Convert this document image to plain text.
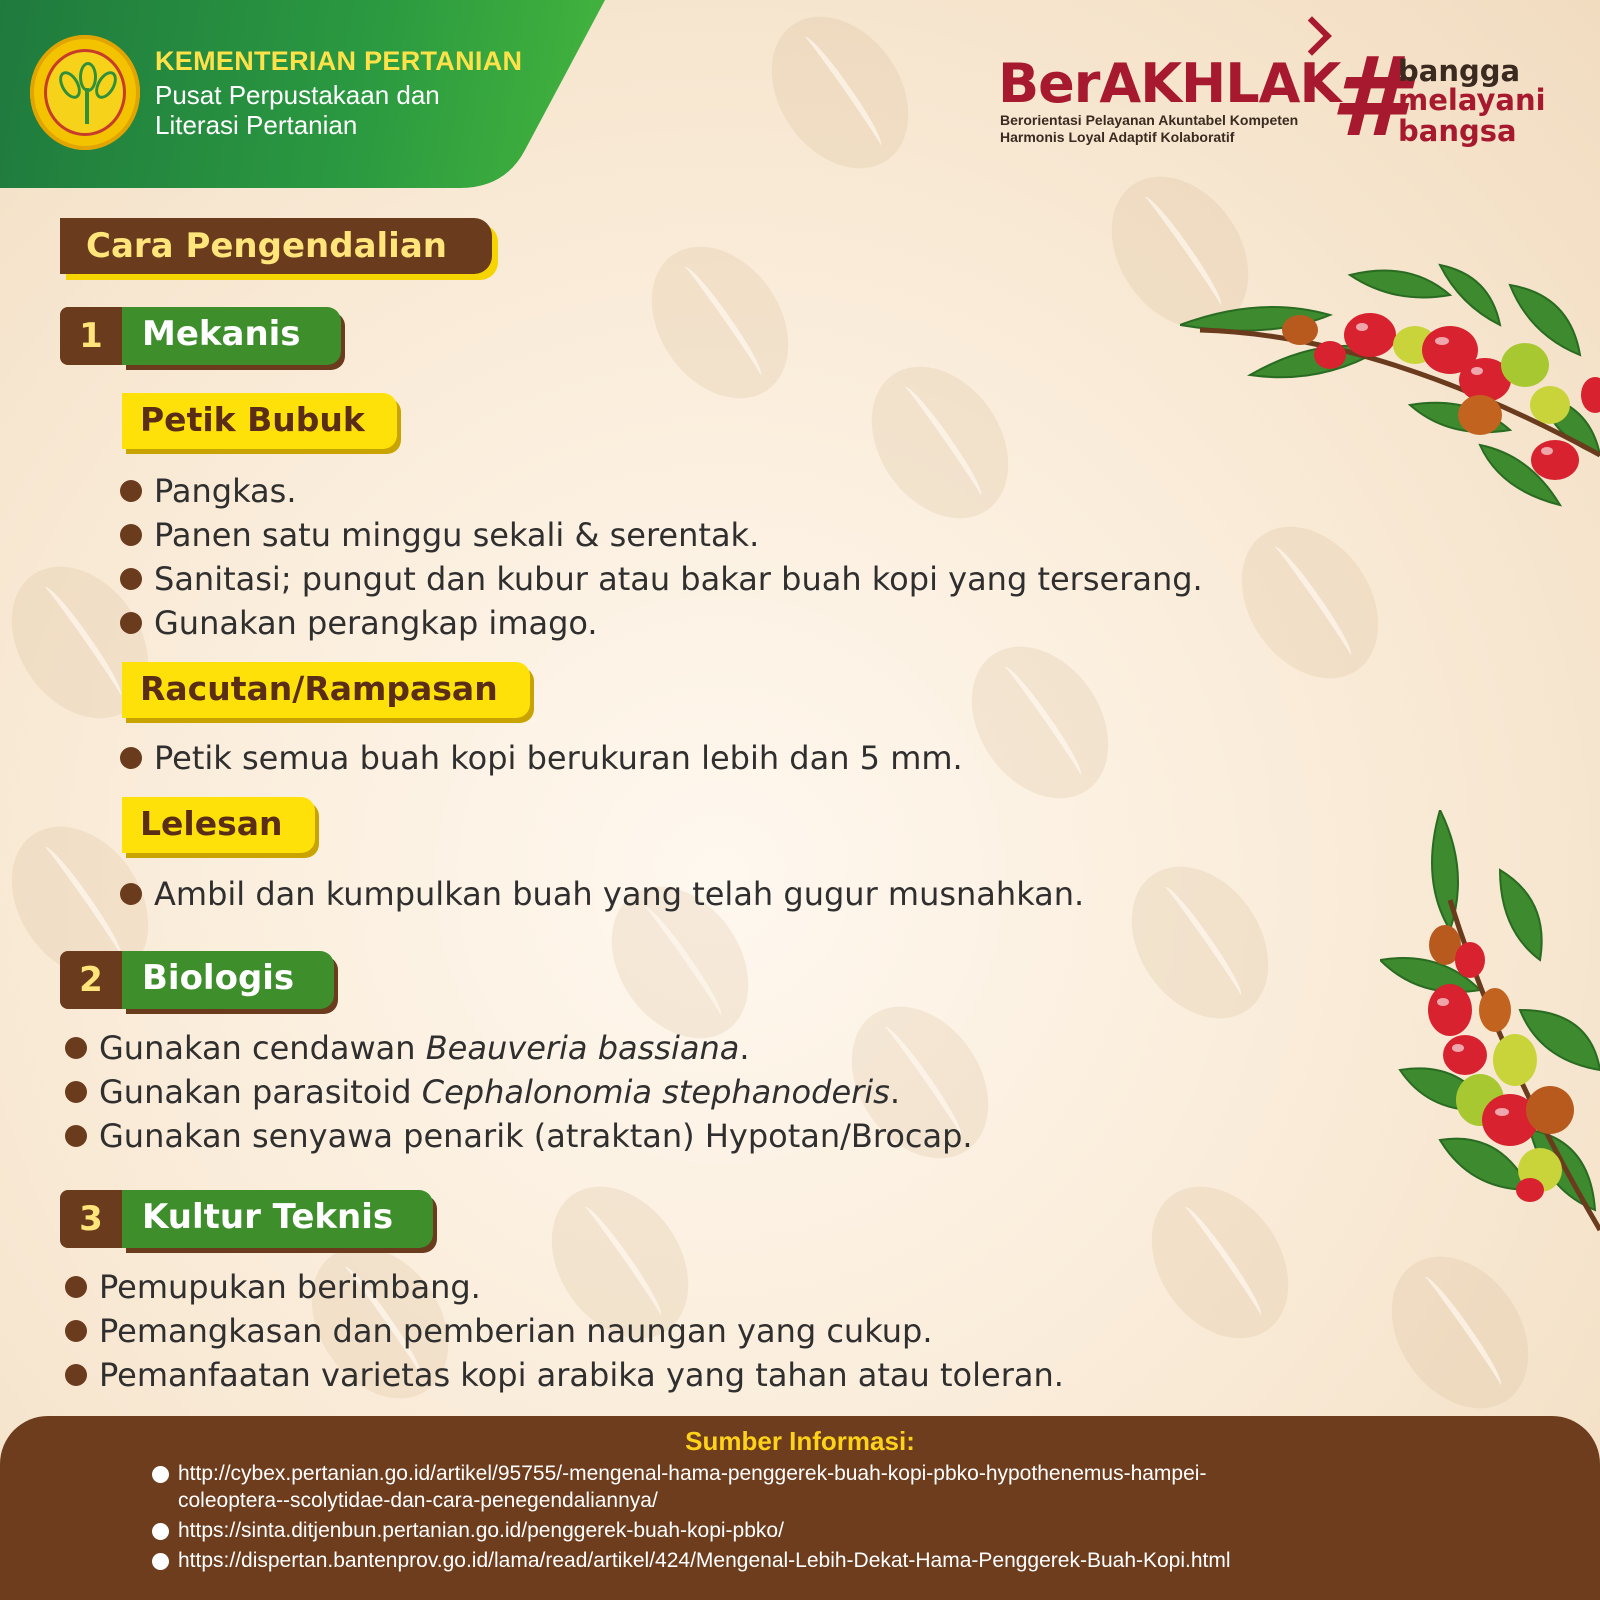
KEMENTERIAN PERTANIAN
Pusat Perpustakaan dan
Literasi Pertanian
BerAKHLAK
Berorientasi Pelayanan Akuntabel Kompeten
Harmonis Loyal Adaptif Kolaboratif #
bangga
melayani
bangsa
Cara Pengendalian
1	Mekanis
Petik Bubuk
Pangkas.
Panen satu minggu sekali & serentak.
Sanitasi; pungut dan kubur atau bakar buah kopi yang terserang.
Gunakan perangkap imago.
Racutan/Rampasan
Petik semua buah kopi berukuran lebih dan 5 mm.
Lelesan
Ambil dan kumpulkan buah yang telah gugur musnahkan.
2	Biologis
Gunakan cendawan Beauveria bassiana.
Gunakan parasitoid Cephalonomia stephanoderis.
Gunakan senyawa penarik (atraktan) Hypotan/Brocap.
3	Kultur Teknis
Pemupukan berimbang.
Pemangkasan dan pemberian naungan yang cukup.
Pemanfaatan varietas kopi arabika yang tahan atau toleran.
Sumber Informasi:
http://cybex.pertanian.go.id/artikel/95755/-mengenal-hama-penggerek-buah-kopi-pbko-hypothenemus-hampei-
coleoptera--scolytidae-dan-cara-penegendaliannya/
https://sinta.ditjenbun.pertanian.go.id/penggerek-buah-kopi-pbko/
https://dispertan.bantenprov.go.id/lama/read/artikel/424/Mengenal-Lebih-Dekat-Hama-Penggerek-Buah-Kopi.html
